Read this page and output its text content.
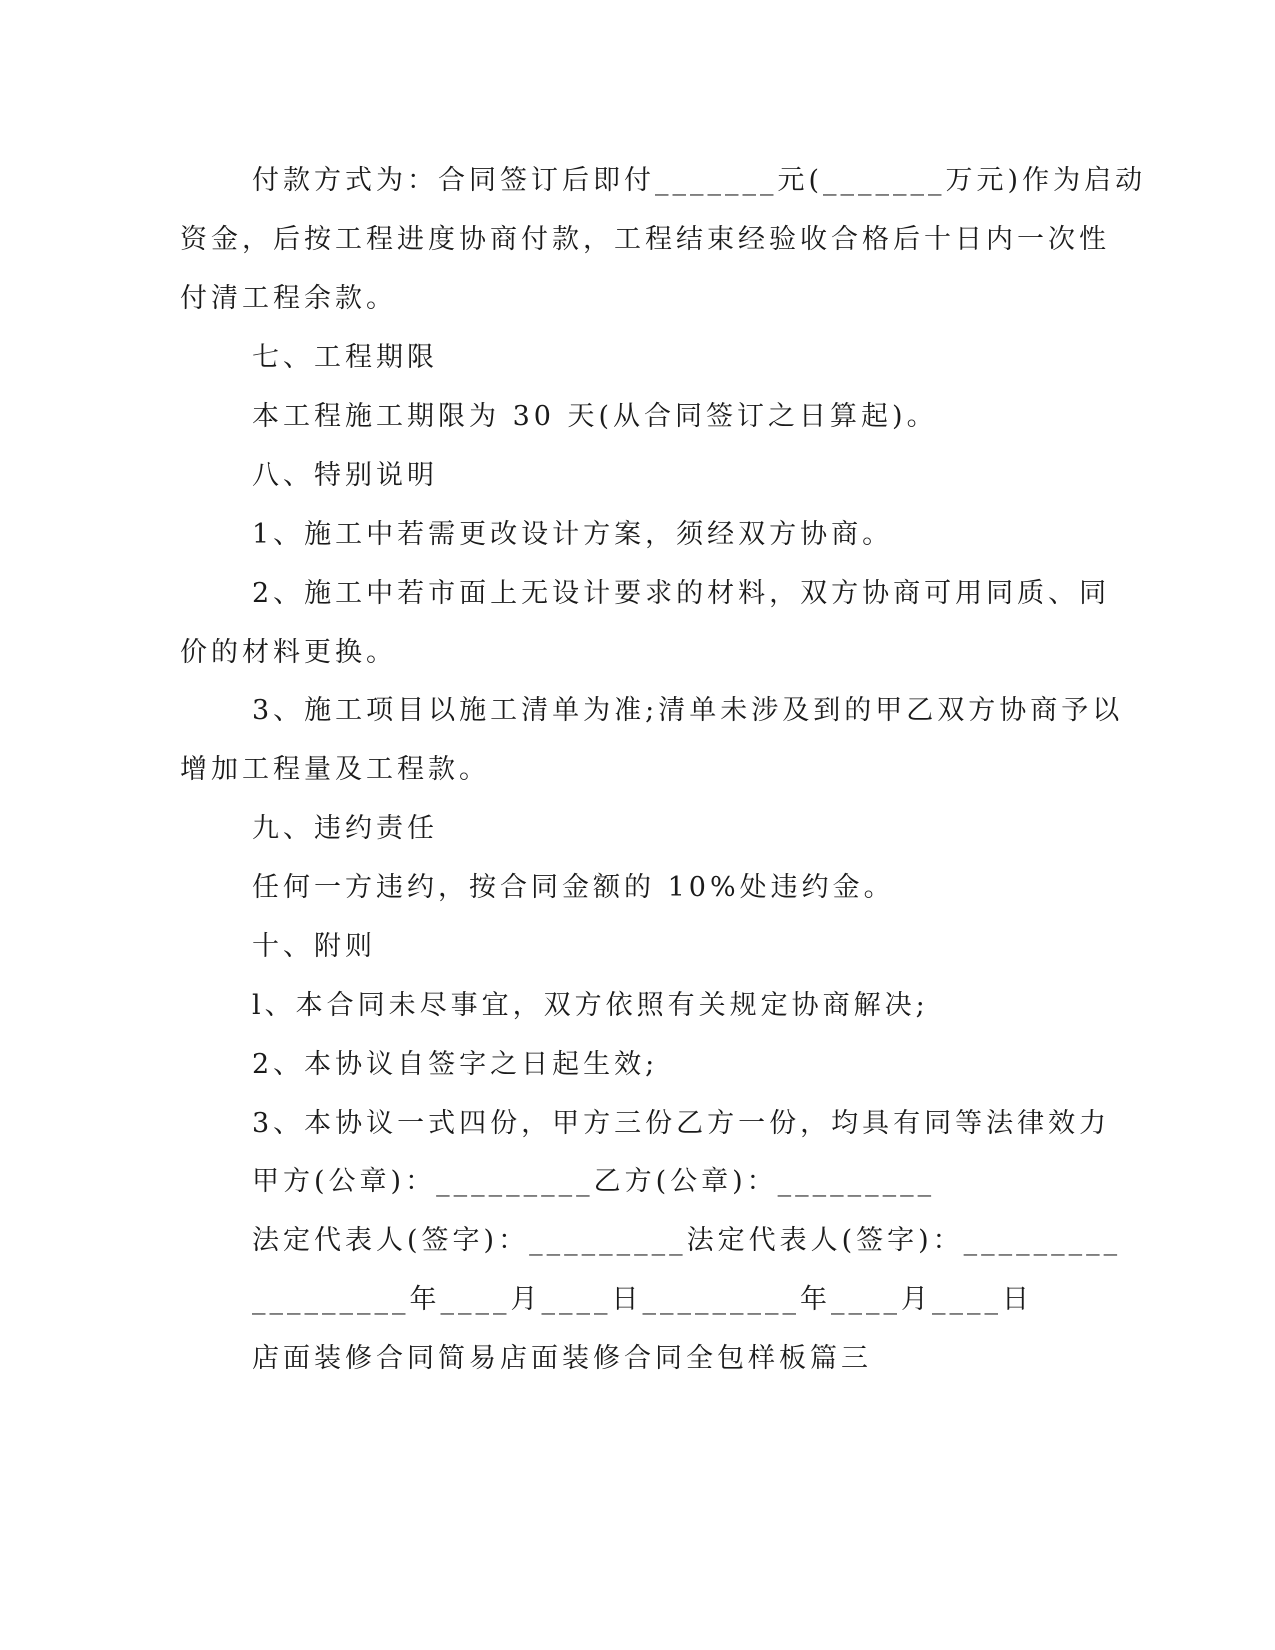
付款方式为：合同签订后即付_______元(_______万元)作为启动
资金，后按工程进度协商付款，工程结束经验收合格后十日内一次性
付清工程余款。
七、工程期限
本工程施工期限为 30 天(从合同签订之日算起)。
八、特别说明
1、施工中若需更改设计方案，须经双方协商。
2、施工中若市面上无设计要求的材料，双方协商可用同质、同
价的材料更换。
3、施工项目以施工清单为准;清单未涉及到的甲乙双方协商予以
增加工程量及工程款。
九、违约责任
任何一方违约，按合同金额的 10%处违约金。
十、附则
l、本合同未尽事宜，双方依照有关规定协商解决;
2、本协议自签字之日起生效;
3、本协议一式四份，甲方三份乙方一份，均具有同等法律效力
甲方(公章)：_________乙方(公章)：_________
法定代表人(签字)：_________法定代表人(签字)：_________
_________年____月____日_________年____月____日
店面装修合同简易店面装修合同全包样板篇三
